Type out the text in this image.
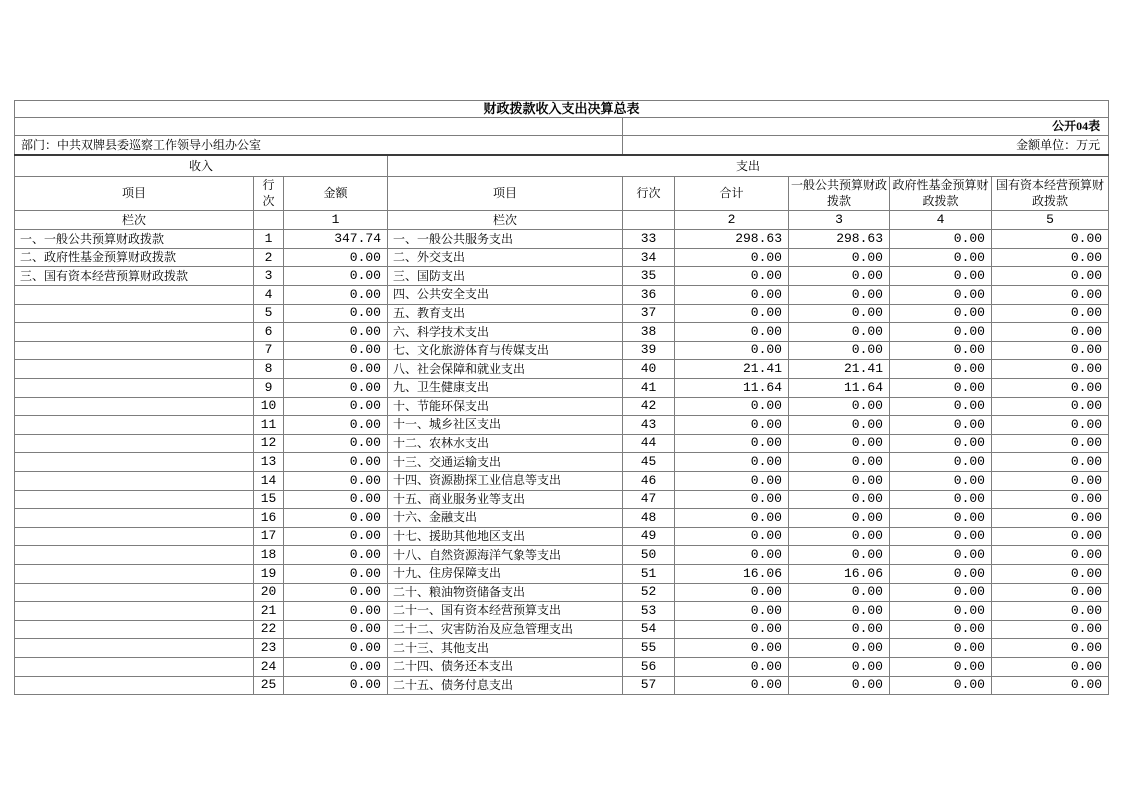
财政拨款收入支出决算总表								
				公开04表				
部门：中共双牌县委巡察工作领导小组办公室				金额单位：万元				
收入			支出					
项目	行次	金额	项目	行次	合计	一般公共预算财政拨款	政府性基金预算财政拨款	国有资本经营预算财政拨款
栏次		1	栏次		2	3	4	5
一、一般公共预算财政拨款	1	347.74	一、一般公共服务支出	33	298.63	298.63	0.00	0.00
二、政府性基金预算财政拨款	2	0.00	二、外交支出	34	0.00	0.00	0.00	0.00
三、国有资本经营预算财政拨款	3	0.00	三、国防支出	35	0.00	0.00	0.00	0.00
	4	0.00	四、公共安全支出	36	0.00	0.00	0.00	0.00
	5	0.00	五、教育支出	37	0.00	0.00	0.00	0.00
	6	0.00	六、科学技术支出	38	0.00	0.00	0.00	0.00
	7	0.00	七、文化旅游体育与传媒支出	39	0.00	0.00	0.00	0.00
	8	0.00	八、社会保障和就业支出	40	21.41	21.41	0.00	0.00
	9	0.00	九、卫生健康支出	41	11.64	11.64	0.00	0.00
	10	0.00	十、节能环保支出	42	0.00	0.00	0.00	0.00
	11	0.00	十一、城乡社区支出	43	0.00	0.00	0.00	0.00
	12	0.00	十二、农林水支出	44	0.00	0.00	0.00	0.00
	13	0.00	十三、交通运输支出	45	0.00	0.00	0.00	0.00
	14	0.00	十四、资源勘探工业信息等支出	46	0.00	0.00	0.00	0.00
	15	0.00	十五、商业服务业等支出	47	0.00	0.00	0.00	0.00
	16	0.00	十六、金融支出	48	0.00	0.00	0.00	0.00
	17	0.00	十七、援助其他地区支出	49	0.00	0.00	0.00	0.00
	18	0.00	十八、自然资源海洋气象等支出	50	0.00	0.00	0.00	0.00
	19	0.00	十九、住房保障支出	51	16.06	16.06	0.00	0.00
	20	0.00	二十、粮油物资储备支出	52	0.00	0.00	0.00	0.00
	21	0.00	二十一、国有资本经营预算支出	53	0.00	0.00	0.00	0.00
	22	0.00	二十二、灾害防治及应急管理支出	54	0.00	0.00	0.00	0.00
	23	0.00	二十三、其他支出	55	0.00	0.00	0.00	0.00
	24	0.00	二十四、债务还本支出	56	0.00	0.00	0.00	0.00
	25	0.00	二十五、债务付息支出	57	0.00	0.00	0.00	0.00
